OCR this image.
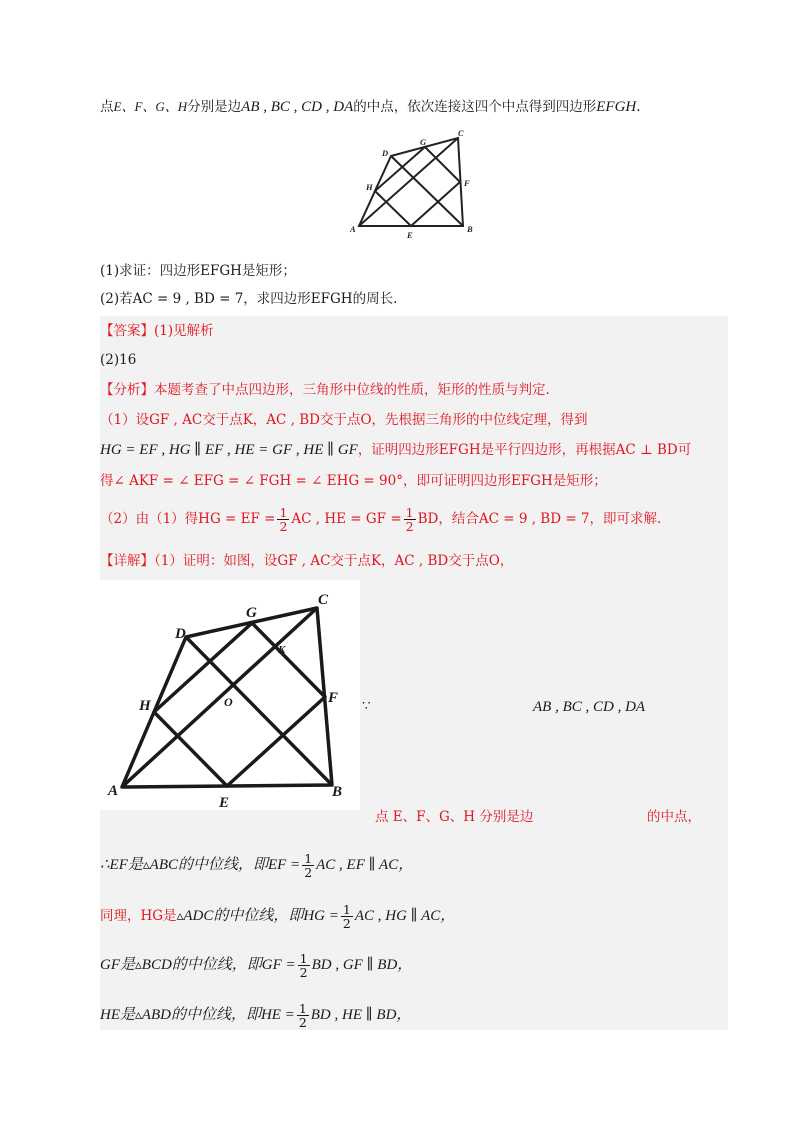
点E、F、G、H分别是边AB , BC , CD , DA的中点，依次连接这四个中点得到四边形EFGH.
A	B
C
D
E
F
G
H
(1)求证：四边形EFGH是矩形；
(2)若AC = 9 , BD = 7，求四边形EFGH的周长.
【答案】(1)见解析
(2)16
【分析】本题考查了中点四边形，三角形中位线的性质，矩形的性质与判定.
（1）设GF , AC交于点K，AC , BD交于点O，先根据三角形的中位线定理，得到
HG = EF , HG ∥ EF , HE = GF , HE ∥ GF，证明四边形EFGH是平行四边形，再根据AC ⊥ BD可
得∠ AKF = ∠ EFG = ∠ FGH = ∠ EHG = 90°，即可证明四边形EFGH是矩形；
（2）由（1）得HG = EF = $\frac{1}{2}$ AC , HE = GF = $\frac{1}{2}$ BD，结合AC = 9 , BD = 7，即可求解.
【详解】（1）证明：如图，设GF , AC交于点K，AC , BD交于点O，
A	B
C
D
E
F
G
H	O
K
∵	AB , BC , CD , DA
点 E、F、G、H 分别是边	的中点，
∴EF是▵ABC的中位线，即EF = $\frac{1}{2}$ AC , EF ∥ AC，
同理，HG是▵ADC的中位线，即HG = $\frac{1}{2}$ AC , HG ∥ AC，
GF是▵BCD的中位线，即GF = $\frac{1}{2}$ BD , GF ∥ BD，
HE是▵ABD的中位线，即HE = $\frac{1}{2}$ BD , HE ∥ BD，
